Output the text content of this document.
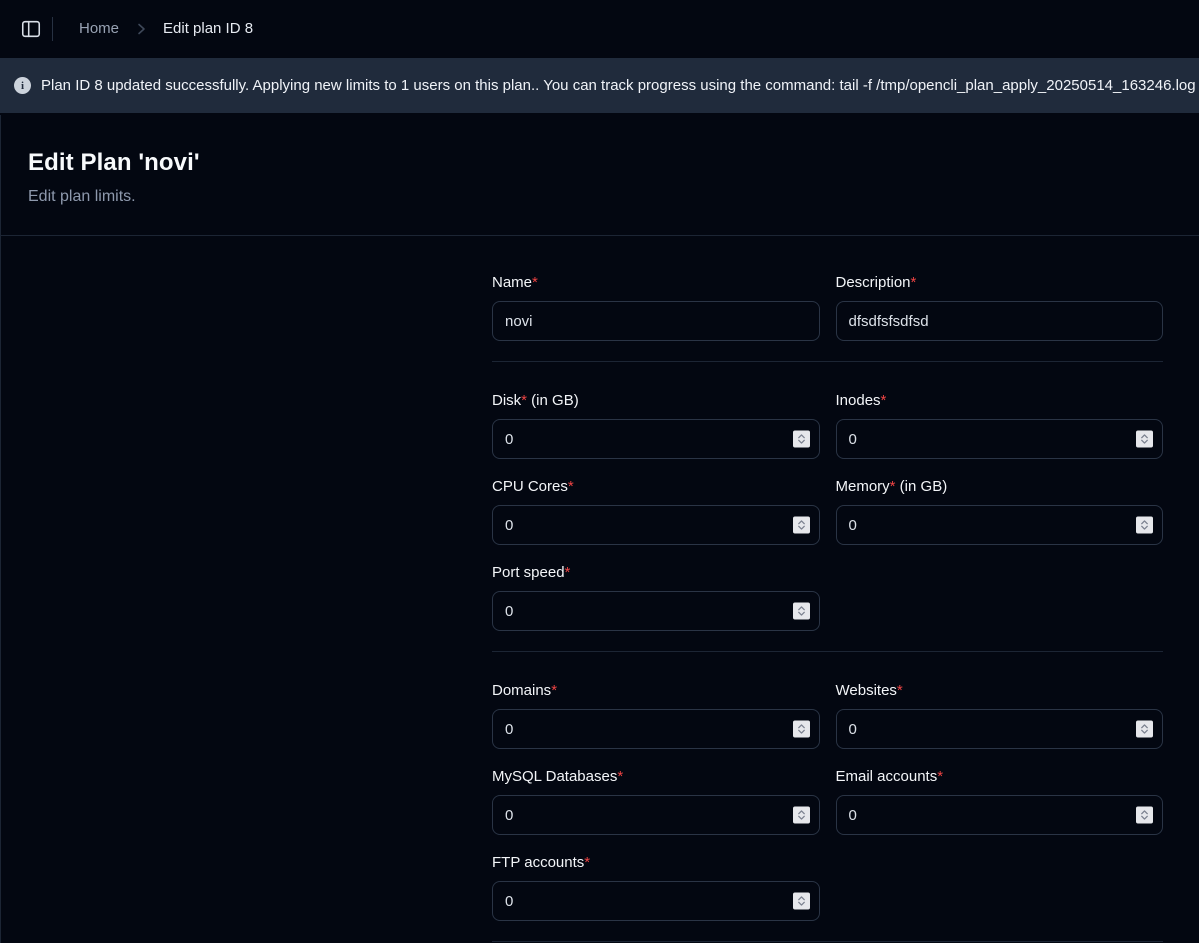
Home	Edit plan ID 8
i	Plan ID 8 updated successfully. Applying new limits to 1 users on this plan.. You can track progress using the command: tail -f /tmp/opencli_plan_apply_20250514_163246.log
Edit Plan 'novi'
Edit plan limits.
Name*
novi	Description*
dfsdfsfsdfsd
Disk* (in GB)
0	Inodes*
0
CPU Cores*
0	Memory* (in GB)
0
Port speed*
0
Domains*
0	Websites*
0
MySQL Databases*
0	Email accounts*
0
FTP accounts*
0
